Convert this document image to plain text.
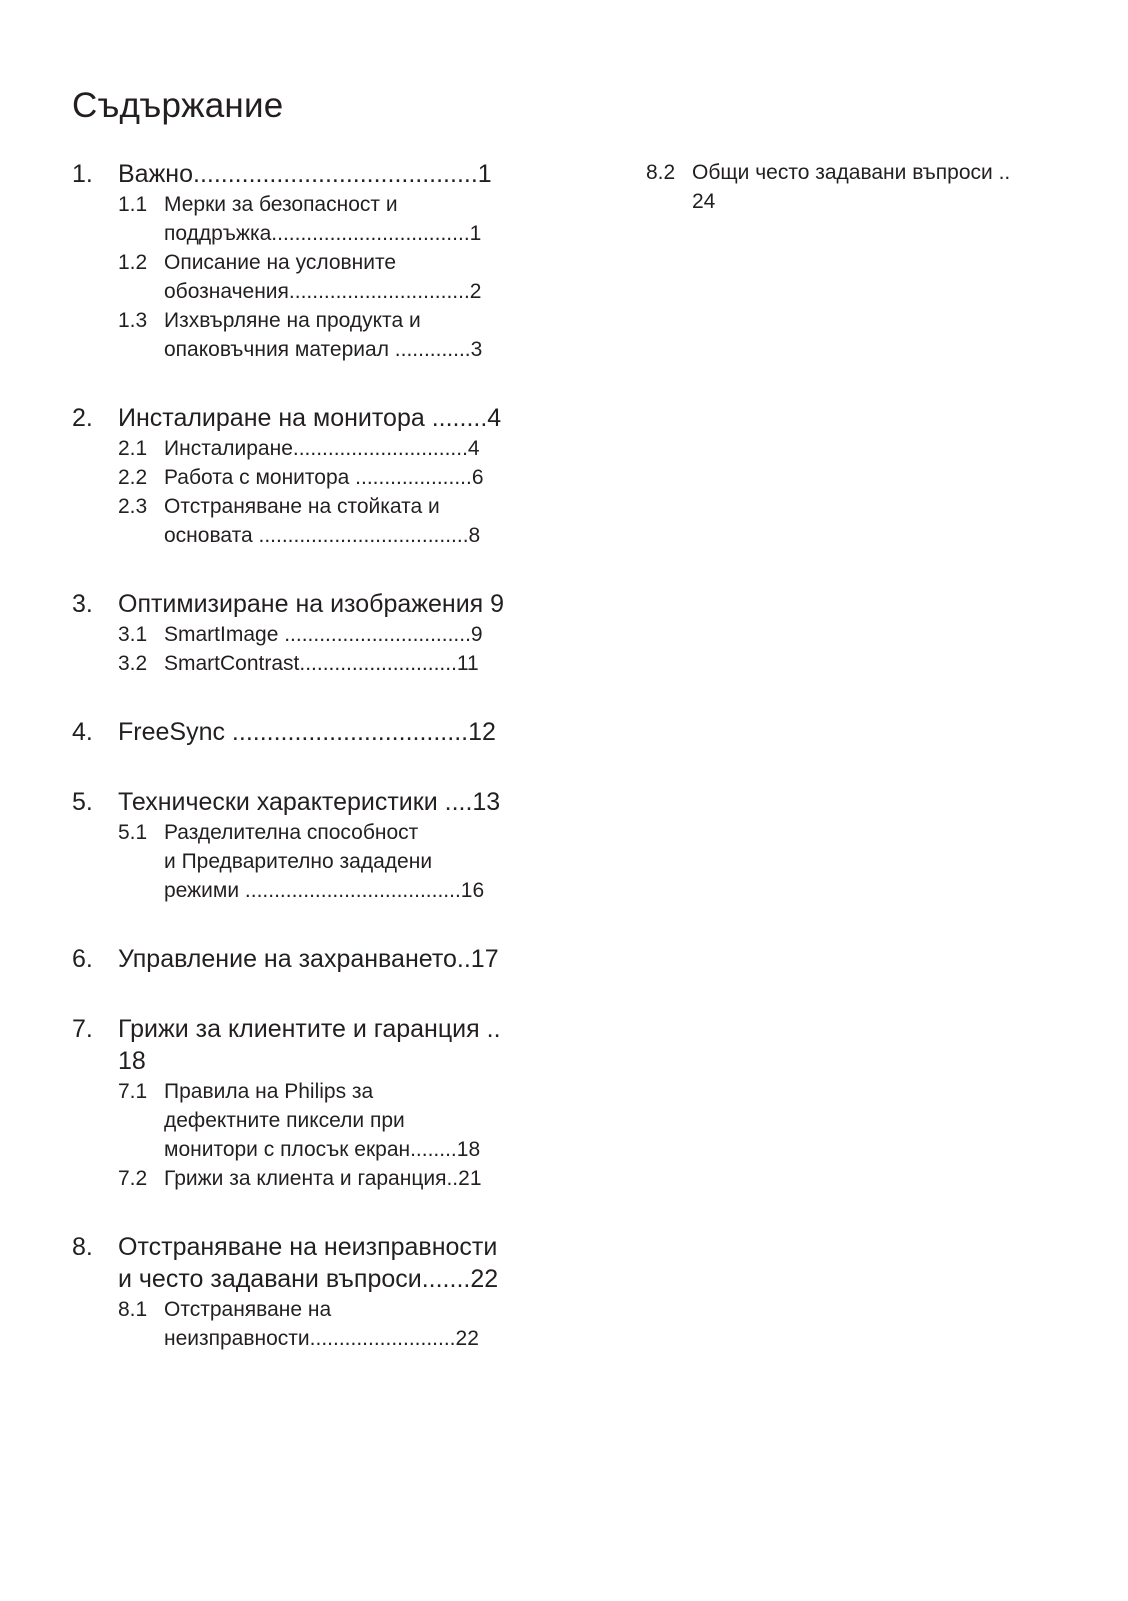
Съдържание
1. Важно.........................................1
1.1 Мерки за безопасност и
поддръжка..................................1
1.2 Описание на условните
обозначения...............................2
1.3 Изхвърляне на продукта и
опаковъчния материал .............3
2. Инсталиране на монитора ........4
2.1 Инсталиране..............................4
2.2 Работа с монитора ....................6
2.3 Отстраняване на стойката и
основата ....................................8
3. Оптимизиране на изображения 9
3.1 SmartImage ................................9
3.2 SmartContrast...........................11
4. FreeSync ..................................12
5. Технически характеристики ....13
5.1 Разделителна способност
и Предварително зададени
режими .....................................16
6. Управление на захранването..17
7. Грижи за клиентите и гаранция ..
18
7.1 Правила на Philips за
дефектните пиксели при
монитори с плосък екран........18
7.2 Грижи за клиента и гаранция..21
8. Отстраняване на неизправности
и често задавани въпроси.......22
8.1 Отстраняване на
неизправности.........................22
8.2 Общи често задавани въпроси ..
24
